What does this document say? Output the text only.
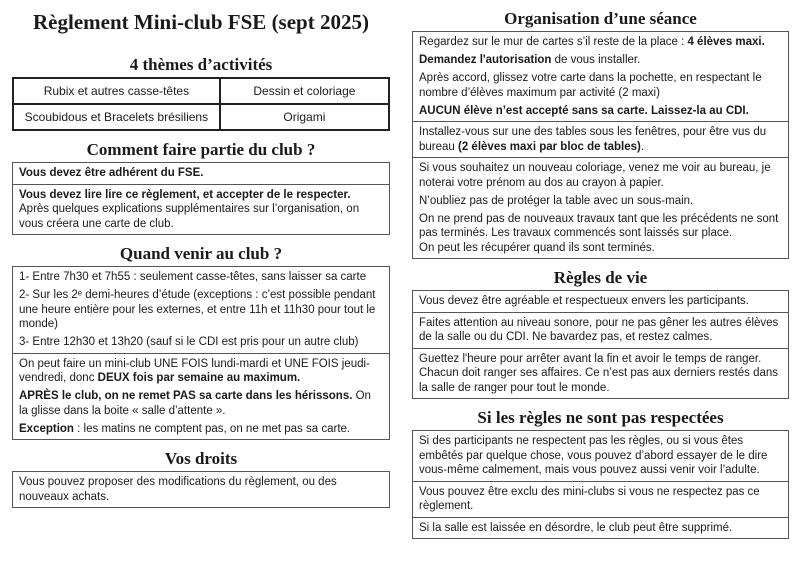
Règlement Mini-club FSE (sept 2025)
4 thèmes d’activités
Rubix et autres casse-têtes	Dessin et coloriage
Scoubidous et Bracelets brésiliens	Origami
Comment faire partie du club ?

Vous devez être adhérent du FSE.

Vous devez lire lire ce règlement, et accepter de le respecter. Après quelques explications supplémentaires sur l’organisation, on vous créera une carte de club.

Quand venir au club ?

1- Entre 7h30 et 7h55 : seulement casse-têtes, sans laisser sa carte

2- Sur les 2ᵉ demi-heures d’étude (exceptions : c’est possible pendant une heure entière pour les externes, et entre 11h et 11h30 pour tout le monde)

3- Entre 12h30 et 13h20 (sauf si le CDI est pris pour un autre club)

On peut faire un mini-club UNE FOIS lundi-mardi et UNE FOIS jeudi-vendredi, donc DEUX fois par semaine au maximum.

APRÈS le club, on ne remet PAS sa carte dans les hérissons. On la glisse dans la boite « salle d’attente ».

Exception : les matins ne comptent pas, on ne met pas sa carte.

Vos droits

Vous pouvez proposer des modifications du règlement, ou des nouveaux achats.

Organisation d’une séance

Regardez sur le mur de cartes s’il reste de la place : 4 élèves maxi.

Demandez l'autorisation de vous installer.

Après accord, glissez votre carte dans la pochette, en respectant le nombre d’élèves maximum par activité (2 maxi)

AUCUN élève n’est accepté sans sa carte. Laissez-la au CDI.

Installez-vous sur une des tables sous les fenêtres, pour être vus du bureau (2 élèves maxi par bloc de tables).

Si vous souhaitez un nouveau coloriage, venez me voir au bureau, je noterai votre prénom au dos au crayon à papier.

N’oubliez pas de protéger la table avec un sous-main.

On ne prend pas de nouveaux travaux tant que les précédents ne sont pas terminés. Les travaux commencés sont laissés sur place.
On peut les récupérer quand ils sont terminés.

Règles de vie

Vous devez être agréable et respectueux envers les participants.

Faites attention au niveau sonore, pour ne pas gêner les autres élèves de la salle ou du CDI. Ne bavardez pas, et restez calmes.

Guettez l'heure pour arrêter avant la fin et avoir le temps de ranger. Chacun doit ranger ses affaires. Ce n’est pas aux derniers restés dans la salle de ranger pour tout le monde.

Si les règles ne sont pas respectées

Si des participants ne respectent pas les règles, ou si vous êtes embêtés par quelque chose, vous pouvez d’abord essayer de le dire vous-même calmement, mais vous pouvez aussi venir voir l’adulte.

Vous pouvez être exclu des mini-clubs si vous ne respectez pas ce règlement.

Si la salle est laissée en désordre, le club peut être supprimé.
